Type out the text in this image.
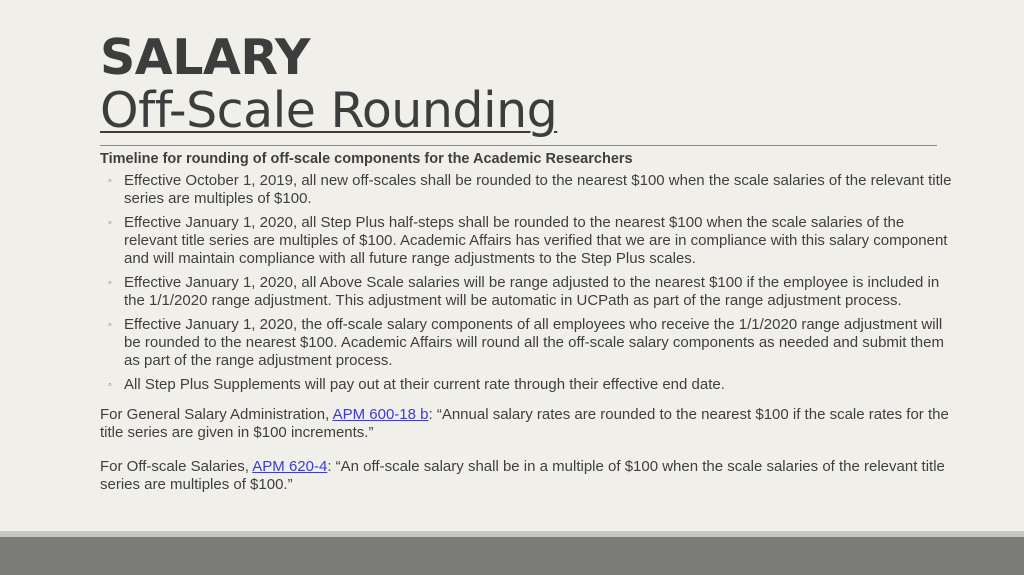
SALARY
Off-Scale Rounding
Timeline for rounding of off-scale components for the Academic Researchers
◦ Effective October 1, 2019, all new off-scales shall be rounded to the nearest $100 when the scale salaries of the relevant title series are multiples of $100.
◦ Effective January 1, 2020, all Step Plus half-steps shall be rounded to the nearest $100 when the scale salaries of the relevant title series are multiples of $100. Academic Affairs has verified that we are in compliance with this salary component and will maintain compliance with all future range adjustments to the Step Plus scales.
◦ Effective January 1, 2020, all Above Scale salaries will be range adjusted to the nearest $100 if the employee is included in the 1/1/2020 range adjustment. This adjustment will be automatic in UCPath as part of the range adjustment process.
◦ Effective January 1, 2020, the off-scale salary components of all employees who receive the 1/1/2020 range adjustment will be rounded to the nearest $100. Academic Affairs will round all the off-scale salary components as needed and submit them as part of the range adjustment process.
◦ All Step Plus Supplements will pay out at their current rate through their effective end date.
For General Salary Administration, APM 600-18 b: “Annual salary rates are rounded to the nearest $100 if the scale rates for the title series are given in $100 increments.”
For Off-scale Salaries, APM 620-4: “An off-scale salary shall be in a multiple of $100 when the scale salaries of the relevant title series are multiples of $100.”
